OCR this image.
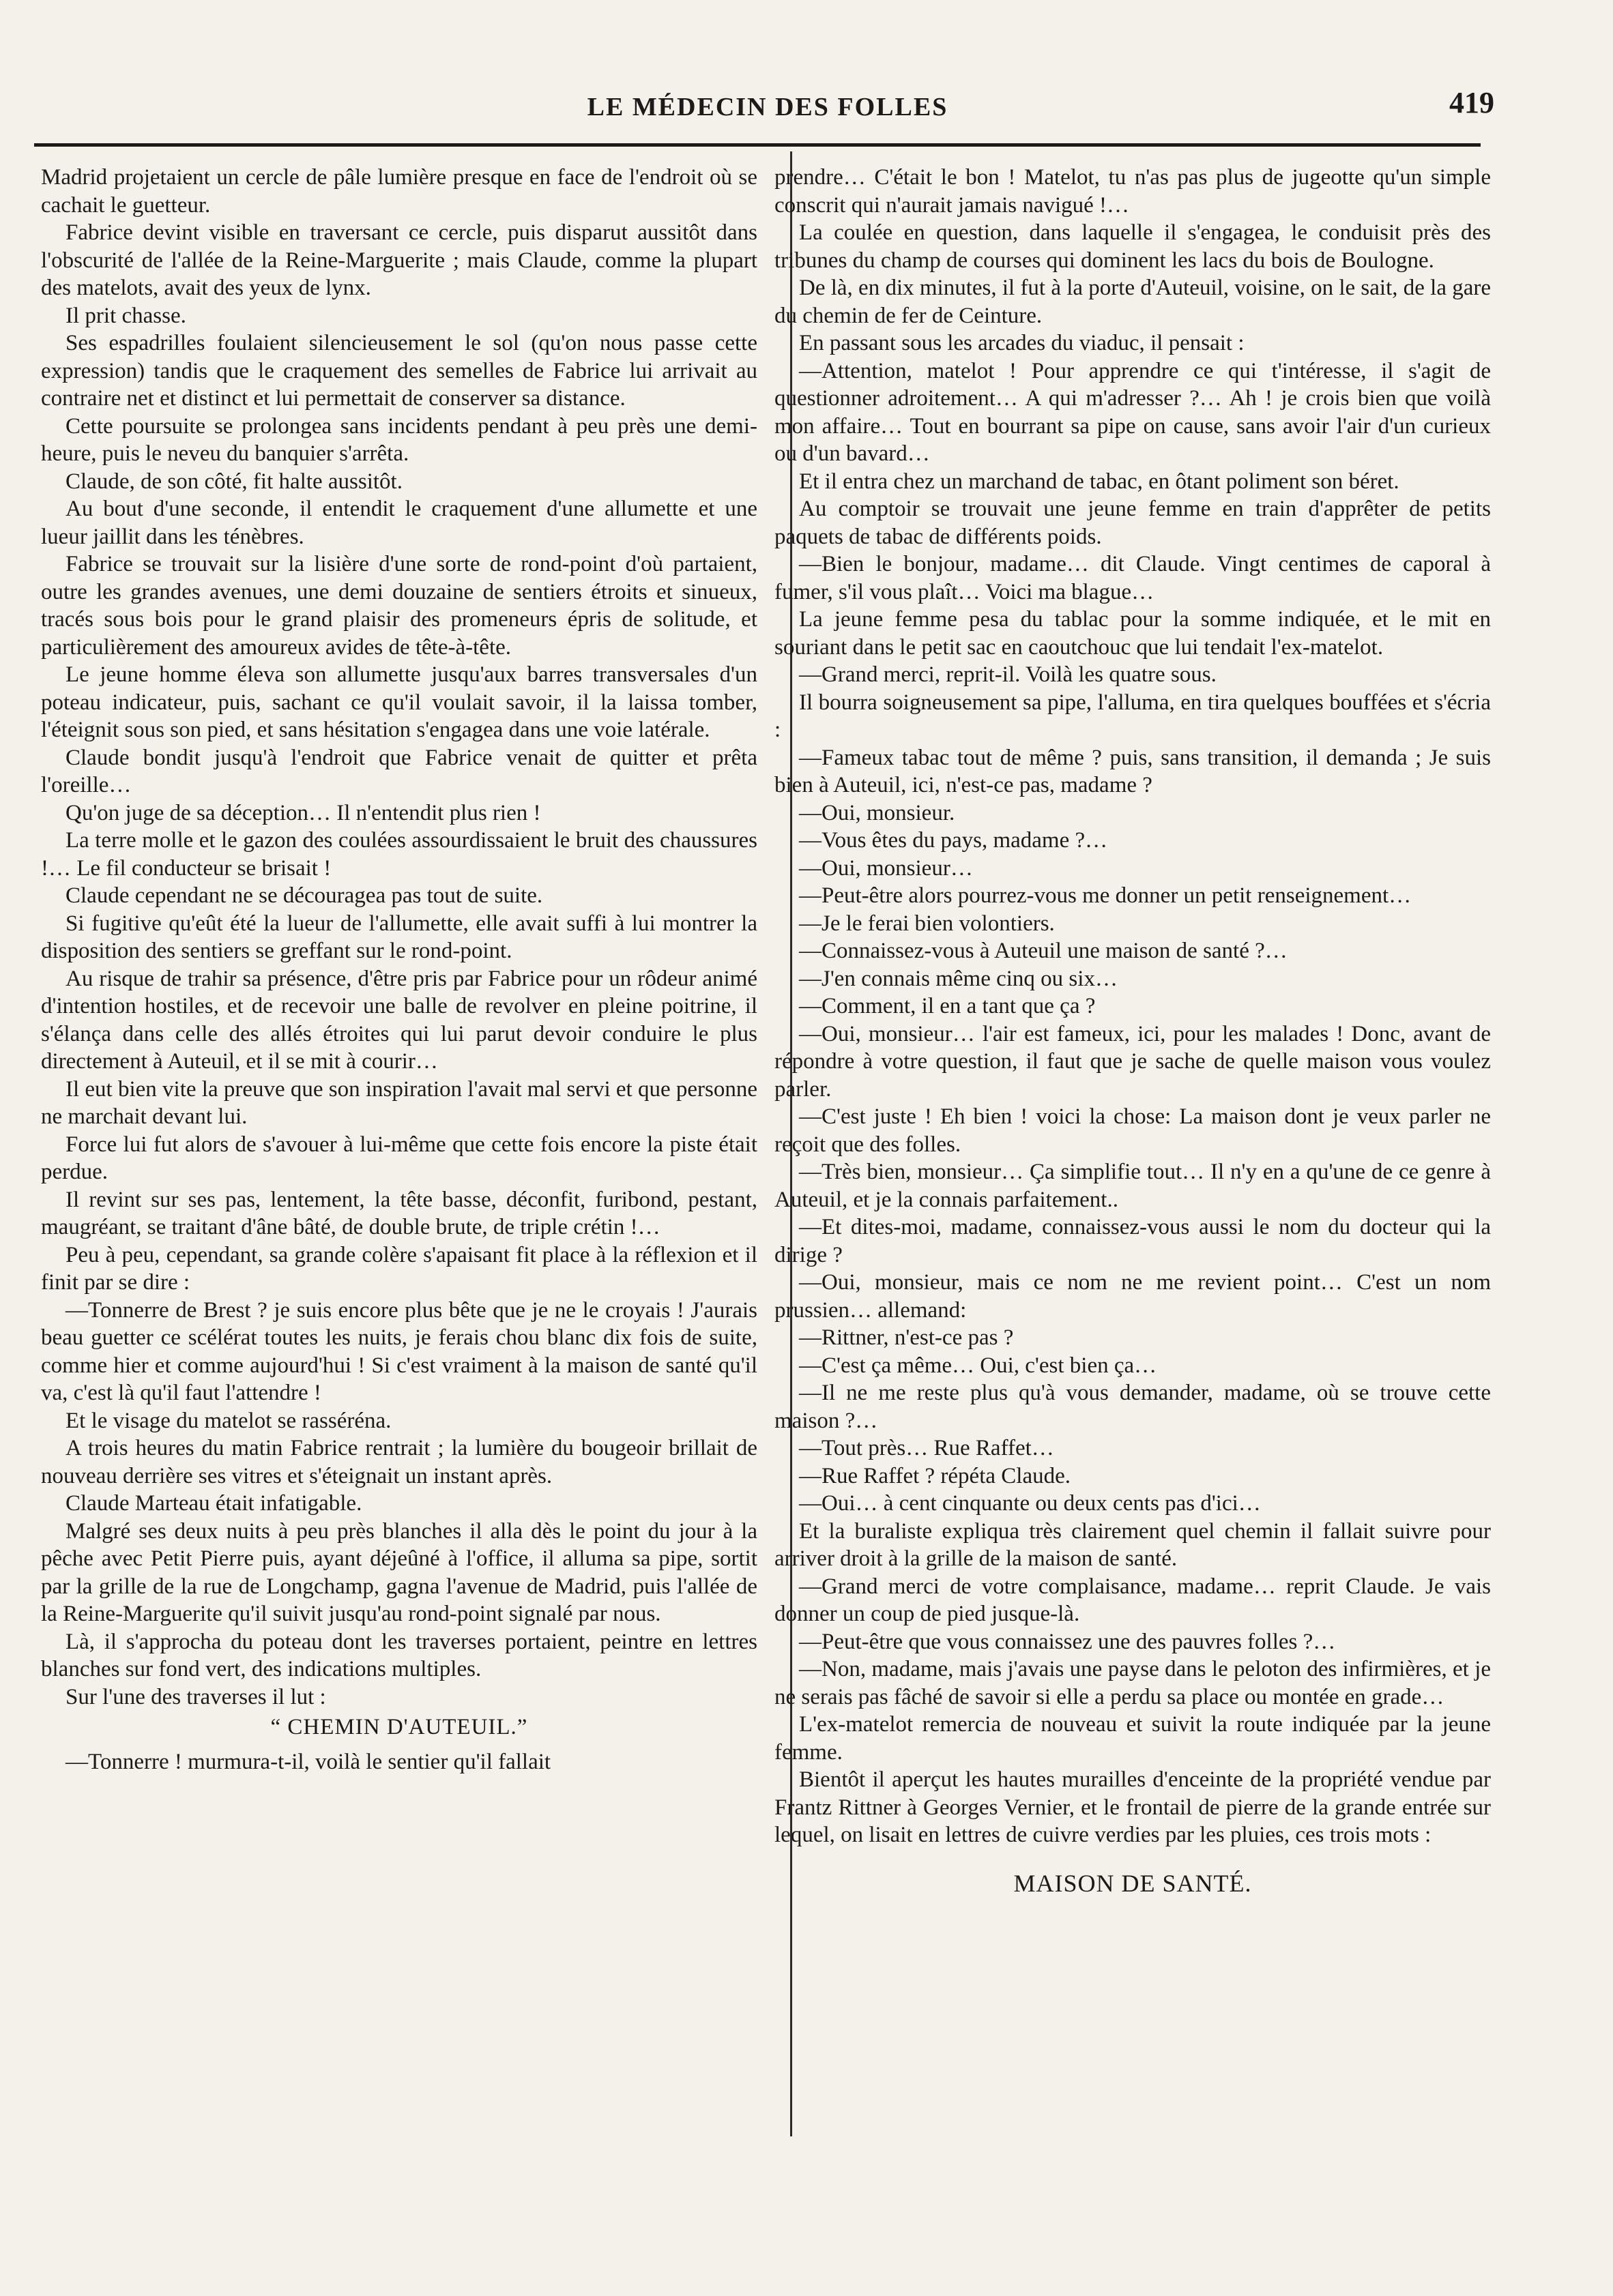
LE MÉDECIN DES FOLLES	419

Madrid projetaient un cercle de pâle lumière presque en face de l'endroit où se cachait le guetteur.

Fabrice devint visible en traversant ce cercle, puis disparut aussitôt dans l'obscurité de l'allée de la Reine-Marguerite ; mais Claude, comme la plupart des matelots, avait des yeux de lynx.

Il prit chasse.

Ses espadrilles foulaient silencieusement le sol (qu'on nous passe cette expression) tandis que le craquement des semelles de Fabrice lui arrivait au contraire net et distinct et lui permettait de conserver sa distance.

Cette poursuite se prolongea sans incidents pendant à peu près une demi-heure, puis le neveu du banquier s'arrêta.

Claude, de son côté, fit halte aussitôt.

Au bout d'une seconde, il entendit le craquement d'une allumette et une lueur jaillit dans les ténèbres.

Fabrice se trouvait sur la lisière d'une sorte de rond-point d'où partaient, outre les grandes avenues, une demi douzaine de sentiers étroits et sinueux, tracés sous bois pour le grand plaisir des promeneurs épris de solitude, et particulièrement des amoureux avides de tête-à-tête.

Le jeune homme éleva son allumette jusqu'aux barres transversales d'un poteau indicateur, puis, sachant ce qu'il voulait savoir, il la laissa tomber, l'éteignit sous son pied, et sans hésitation s'engagea dans une voie latérale.

Claude bondit jusqu'à l'endroit que Fabrice venait de quitter et prêta l'oreille…

Qu'on juge de sa déception… Il n'entendit plus rien !

La terre molle et le gazon des coulées assourdissaient le bruit des chaussures !… Le fil conducteur se brisait !

Claude cependant ne se découragea pas tout de suite.

Si fugitive qu'eût été la lueur de l'allumette, elle avait suffi à lui montrer la disposition des sentiers se greffant sur le rond-point.

Au risque de trahir sa présence, d'être pris par Fabrice pour un rôdeur animé d'intention hostiles, et de recevoir une balle de revolver en pleine poitrine, il s'élança dans celle des allés étroites qui lui parut devoir conduire le plus directement à Auteuil, et il se mit à courir…

Il eut bien vite la preuve que son inspiration l'avait mal servi et que personne ne marchait devant lui.

Force lui fut alors de s'avouer à lui-même que cette fois encore la piste était perdue.

Il revint sur ses pas, lentement, la tête basse, déconfit, furibond, pestant, maugréant, se traitant d'âne bâté, de double brute, de triple crétin !…

Peu à peu, cependant, sa grande colère s'apaisant fit place à la réflexion et il finit par se dire :

—Tonnerre de Brest ? je suis encore plus bête que je ne le croyais ! J'aurais beau guetter ce scélérat toutes les nuits, je ferais chou blanc dix fois de suite, comme hier et comme aujourd'hui ! Si c'est vraiment à la maison de santé qu'il va, c'est là qu'il faut l'attendre !

Et le visage du matelot se rasséréna.

A trois heures du matin Fabrice rentrait ; la lumière du bougeoir brillait de nouveau derrière ses vitres et s'éteignait un instant après.

Claude Marteau était infatigable.

Malgré ses deux nuits à peu près blanches il alla dès le point du jour à la pêche avec Petit Pierre puis, ayant déjeûné à l'office, il alluma sa pipe, sortit par la grille de la rue de Longchamp, gagna l'avenue de Madrid, puis l'allée de la Reine-Marguerite qu'il suivit jusqu'au rond-point signalé par nous.

Là, il s'approcha du poteau dont les traverses portaient, peintre en lettres blanches sur fond vert, des indications multiples.

Sur l'une des traverses il lut :

“ CHEMIN D'AUTEUIL.”

—Tonnerre ! murmura-t-il, voilà le sentier qu'il fallait

prendre… C'était le bon ! Matelot, tu n'as pas plus de jugeotte qu'un simple conscrit qui n'aurait jamais navigué !…

La coulée en question, dans laquelle il s'engagea, le conduisit près des tribunes du champ de courses qui dominent les lacs du bois de Boulogne.

De là, en dix minutes, il fut à la porte d'Auteuil, voisine, on le sait, de la gare du chemin de fer de Ceinture.

En passant sous les arcades du viaduc, il pensait :

—Attention, matelot ! Pour apprendre ce qui t'intéresse, il s'agit de questionner adroitement… A qui m'adresser ?… Ah ! je crois bien que voilà mon affaire… Tout en bourrant sa pipe on cause, sans avoir l'air d'un curieux ou d'un bavard…

Et il entra chez un marchand de tabac, en ôtant poliment son béret.

Au comptoir se trouvait une jeune femme en train d'apprêter de petits paquets de tabac de différents poids.

—Bien le bonjour, madame… dit Claude. Vingt centimes de caporal à fumer, s'il vous plaît… Voici ma blague…

La jeune femme pesa du tablac pour la somme indiquée, et le mit en souriant dans le petit sac en caoutchouc que lui tendait l'ex-matelot.

—Grand merci, reprit-il. Voilà les quatre sous.

Il bourra soigneusement sa pipe, l'alluma, en tira quelques bouffées et s'écria :

—Fameux tabac tout de même ? puis, sans transition, il demanda ; Je suis bien à Auteuil, ici, n'est-ce pas, madame ?

—Oui, monsieur.

—Vous êtes du pays, madame ?…

—Oui, monsieur…

—Peut-être alors pourrez-vous me donner un petit renseignement…

—Je le ferai bien volontiers.

—Connaissez-vous à Auteuil une maison de santé ?…

—J'en connais même cinq ou six…

—Comment, il en a tant que ça ?

—Oui, monsieur… l'air est fameux, ici, pour les malades ! Donc, avant de répondre à votre question, il faut que je sache de quelle maison vous voulez parler.

—C'est juste ! Eh bien ! voici la chose: La maison dont je veux parler ne reçoit que des folles.

—Très bien, monsieur… Ça simplifie tout… Il n'y en a qu'une de ce genre à Auteuil, et je la connais parfaitement..

—Et dites-moi, madame, connaissez-vous aussi le nom du docteur qui la dirige ?

—Oui, monsieur, mais ce nom ne me revient point… C'est un nom prussien… allemand:

—Rittner, n'est-ce pas ?

—C'est ça même… Oui, c'est bien ça…

—Il ne me reste plus qu'à vous demander, madame, où se trouve cette maison ?…

—Tout près… Rue Raffet…

—Rue Raffet ? répéta Claude.

—Oui… à cent cinquante ou deux cents pas d'ici…

Et la buraliste expliqua très clairement quel chemin il fallait suivre pour arriver droit à la grille de la maison de santé.

—Grand merci de votre complaisance, madame… reprit Claude. Je vais donner un coup de pied jusque-là.

—Peut-être que vous connaissez une des pauvres folles ?…

—Non, madame, mais j'avais une payse dans le peloton des infirmières, et je ne serais pas fâché de savoir si elle a perdu sa place ou montée en grade…

L'ex-matelot remercia de nouveau et suivit la route indiquée par la jeune femme.

Bientôt il aperçut les hautes murailles d'enceinte de la propriété vendue par Frantz Rittner à Georges Vernier, et le frontail de pierre de la grande entrée sur lequel, on lisait en lettres de cuivre verdies par les pluies, ces trois mots :

MAISON DE SANTÉ.
